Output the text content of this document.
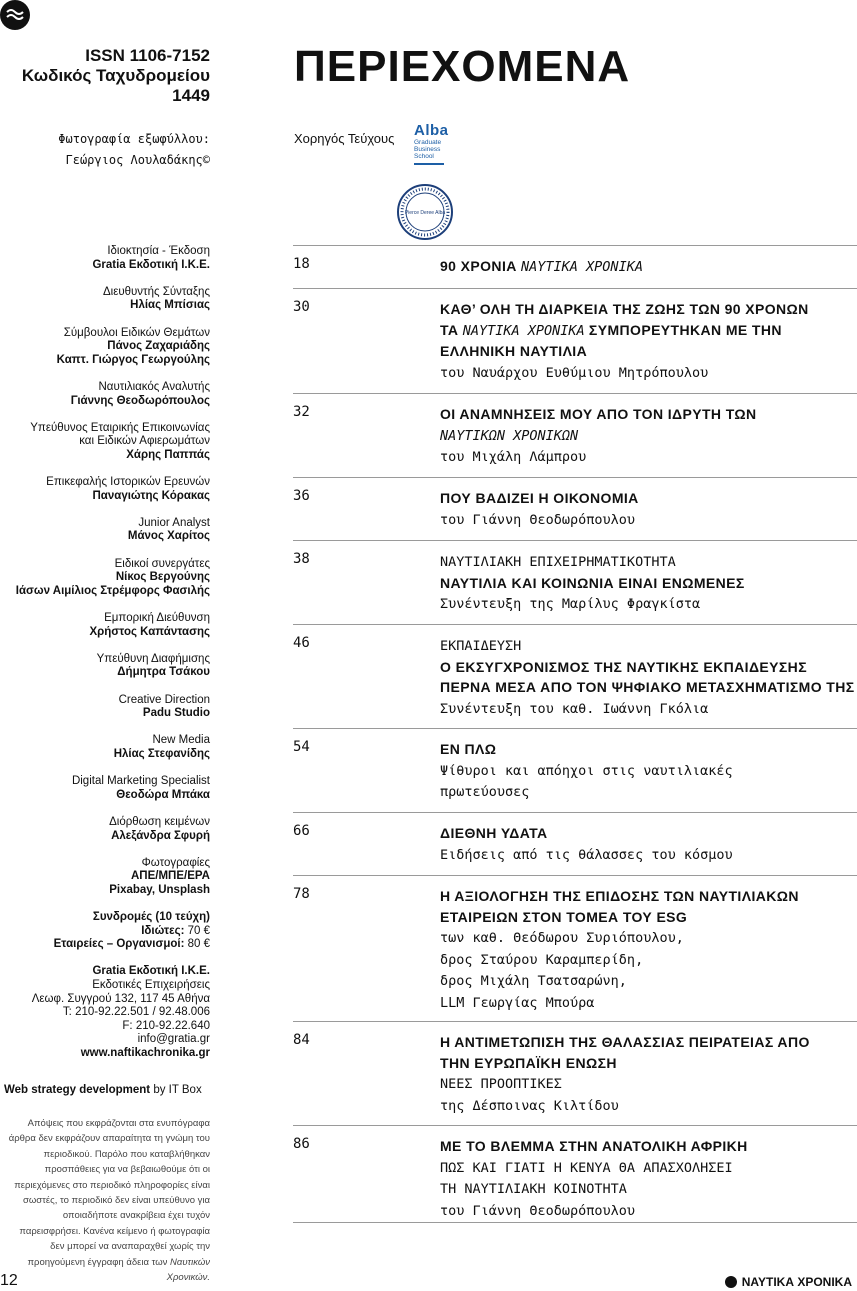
ISSN 1106-7152
Κωδικός Ταχυδρομείου
1449
ΠΕΡΙΕΧΟΜΕΝΑ
Φωτογραφία εξωφύλλου:
Γεώργιος Λουλαδάκης©
Χορηγός Τεύχους Alba
Graduate
Business
School
Pierce Deree Alba
Ιδιοκτησία - Έκδοση
Gratia Εκδοτική Ι.Κ.Ε.
Διευθυντής Σύνταξης
Ηλίας Μπίσιας
Σύμβουλοι Ειδικών Θεμάτων
Πάνος Ζαχαριάδης
Καπτ. Γιώργος Γεωργούλης
Ναυτιλιακός Αναλυτής
Γιάννης Θεοδωρόπουλος
Υπεύθυνος Εταιρικής Επικοινωνίας
και Ειδικών Αφιερωμάτων
Χάρης Παππάς
Επικεφαλής Ιστορικών Ερευνών
Παναγιώτης Κόρακας
Junior Analyst
Μάνος Χαρίτος
Ειδικοί συνεργάτες
Νίκος Βεργούνης
Ιάσων Αιμίλιος Στρέμφορς Φασιλής
Εμπορική Διεύθυνση
Χρήστος Καπάντασης
Υπεύθυνη Διαφήμισης
Δήμητρα Τσάκου
Creative Direction
Padu Studio
New Media
Ηλίας Στεφανίδης
Digital Marketing Specialist
Θεοδώρα Μπάκα
Διόρθωση κειμένων
Αλεξάνδρα Σφυρή
Φωτογραφίες
ΑΠΕ/ΜΠΕ/EPA
Pixabay, Unsplash
Συνδρομές (10 τεύχη)
Ιδιώτες: 70 €
Εταιρείες – Οργανισμοί: 80 €
Gratia Εκδοτική Ι.Κ.Ε.
Εκδοτικές Επιχειρήσεις
Λεωφ. Συγγρού 132, 117 45 Αθήνα
Τ: 210-92.22.501 / 92.48.006
F: 210-92.22.640
info@gratia.gr
www.naftikachronika.gr
Web strategy development by IT Box
Απόψεις που εκφράζονται στα ενυπόγραφα άρθρα δεν εκφράζουν απαραίτητα τη γνώμη του περιοδικού. Παρόλο που καταβλήθηκαν προσπάθειες για να βεβαιωθούμε ότι οι περιεχόμενες στο περιοδικό πληροφορίες είναι σωστές, το περιοδικό δεν είναι υπεύθυνο για οποιαδήποτε ανακρίβεια έχει τυχόν παρεισφρήσει. Κανένα κείμενο ή φωτογραφία δεν μπορεί να αναπαραχθεί χωρίς την προηγούμενη έγγραφη άδεια των Ναυτικών Χρονικών.
18	90 ΧΡΟΝΙΑ ΝΑΥΤΙΚΑ ΧΡΟΝΙΚΑ
30	ΚΑΘ’ ΟΛΗ ΤΗ ΔΙΑΡΚΕΙΑ ΤΗΣ ΖΩΗΣ ΤΩΝ 90 ΧΡΟΝΩΝ
ΤΑ ΝΑΥΤΙΚΑ ΧΡΟΝΙΚΑ ΣΥΜΠΟΡΕΥΤΗΚΑΝ ΜΕ ΤΗΝ
ΕΛΛΗΝΙΚΗ ΝΑΥΤΙΛΙΑ
του Ναυάρχου Ευθύμιου Μητρόπουλου
32	ΟΙ ΑΝΑΜΝΗΣΕΙΣ ΜΟΥ ΑΠΟ ΤΟΝ ΙΔΡΥΤΗ ΤΩΝ
ΝΑΥΤΙΚΩΝ ΧΡΟΝΙΚΩΝ
του Μιχάλη Λάμπρου
36	ΠΟΥ ΒΑΔΙΖΕΙ Η ΟΙΚΟΝΟΜΙΑ
του Γιάννη Θεοδωρόπουλου
38	ΝΑΥΤΙΛΙΑΚΗ ΕΠΙΧΕΙΡΗΜΑΤΙΚΟΤΗΤΑ
ΝΑΥΤΙΛΙΑ ΚΑΙ ΚΟΙΝΩΝΙΑ ΕΙΝΑΙ ΕΝΩΜΕΝΕΣ
Συνέντευξη της Μαρίλυς Φραγκίστα
46	ΕΚΠΑΙΔΕΥΣΗ
Ο ΕΚΣΥΓΧΡΟΝΙΣΜΟΣ ΤΗΣ ΝΑΥΤΙΚΗΣ ΕΚΠΑΙΔΕΥΣΗΣ
ΠΕΡΝΑ ΜΕΣΑ ΑΠΟ ΤΟΝ ΨΗΦΙΑΚΟ ΜΕΤΑΣΧΗΜΑΤΙΣΜΟ ΤΗΣ
Συνέντευξη του καθ. Ιωάννη Γκόλια
54	ΕΝ ΠΛΩ
Ψίθυροι και απόηχοι στις ναυτιλιακές
πρωτεύουσες
66	ΔΙΕΘΝΗ ΥΔΑΤΑ
Ειδήσεις από τις θάλασσες του κόσμου
78	Η ΑΞΙΟΛΟΓΗΣΗ ΤΗΣ ΕΠΙΔΟΣΗΣ ΤΩΝ ΝΑΥΤΙΛΙΑΚΩΝ
ΕΤΑΙΡΕΙΩΝ ΣΤΟΝ ΤΟΜΕΑ ΤΟΥ ESG
των καθ. Θεόδωρου Συριόπουλου,
δρος Σταύρου Καραμπερίδη,
δρος Μιχάλη Τσατσαρώνη,
LLM Γεωργίας Μπούρα
84	Η ΑΝΤΙΜΕΤΩΠΙΣΗ ΤΗΣ ΘΑΛΑΣΣΙΑΣ ΠΕΙΡΑΤΕΙΑΣ ΑΠΟ
ΤΗΝ ΕΥΡΩΠΑΪΚΗ ΕΝΩΣΗ
ΝΕΕΣ ΠΡΟΟΠΤΙΚΕΣ
της Δέσποινας Κιλτίδου
86	ΜΕ ΤΟ ΒΛΕΜΜΑ ΣΤΗΝ ΑΝΑΤΟΛΙΚΗ ΑΦΡΙΚΗ
ΠΩΣ ΚΑΙ ΓΙΑΤΙ Η ΚΕΝΥΑ ΘΑ ΑΠΑΣΧΟΛΗΣΕΙ
ΤΗ ΝΑΥΤΙΛΙΑΚΗ ΚΟΙΝΟΤΗΤΑ
του Γιάννη Θεοδωρόπουλου
12	ΝΑΥΤΙΚΑ ΧΡΟΝΙΚΑ
